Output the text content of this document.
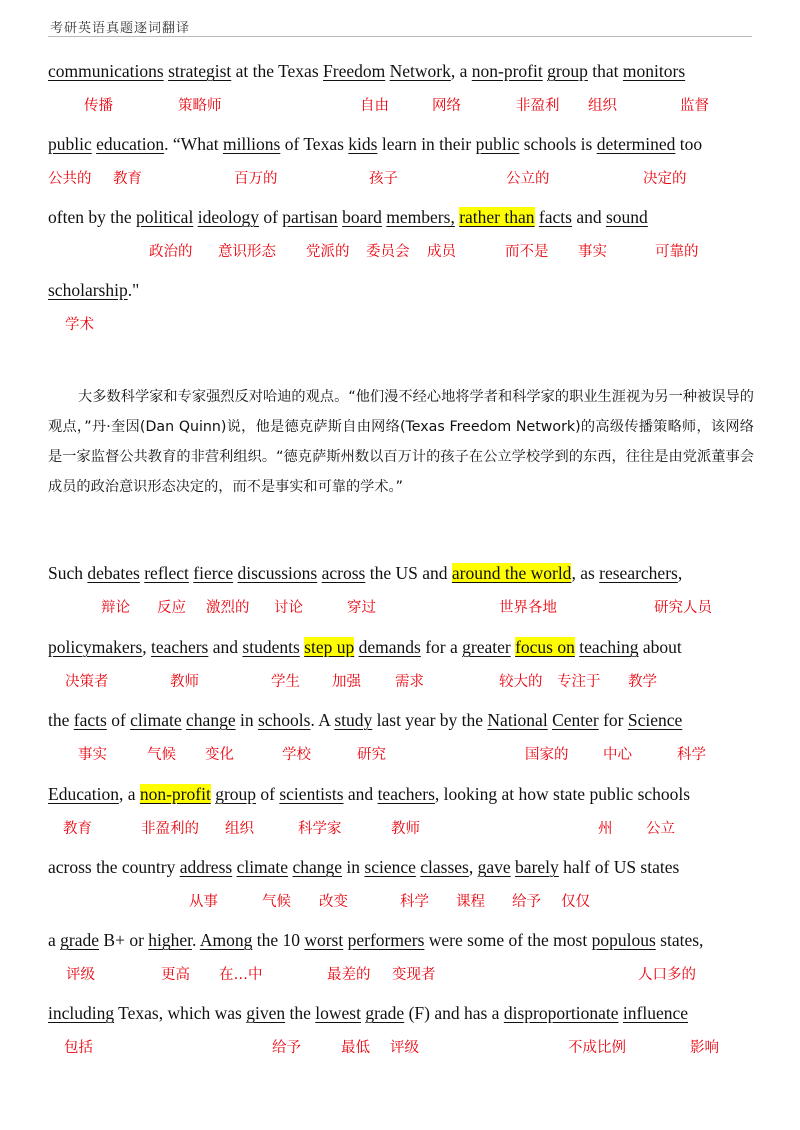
考研英语真题逐词翻译
communications strategist at the Texas Freedom Network, a non-profit group that monitors
传播	策略师	自由	网络	非盈利 组织	监督
public education. “What millions of Texas kids learn in their public schools is determined too
公共的 教育	百万的	孩子	公立的	决定的
often by the political ideology of partisan board members, rather than facts and sound
政治的 意识形态 党派的 委员会 成员	而不是 事实	可靠的
scholarship."
学术
大多数科学家和专家强烈反对哈迪的观点。“他们漫不经心地将学者和科学家的职业生涯视为另一种被误导的观点，”丹·奎因(Dan Quinn)说，他是德克萨斯自由网络(Texas Freedom Network)的高级传播策略师，该网络是一家监督公共教育的非营利组织。“德克萨斯州数以百万计的孩子在公立学校学到的东西，往往是由党派董事会成员的政治意识形态决定的，而不是事实和可靠的学术。”
Such debates reflect fierce discussions across the US and around the world, as researchers,
辩论 反应 激烈的 讨论	穿过	世界各地	研究人员
policymakers, teachers and students step up demands for a greater focus on teaching about
决策者	教师	学生 加强 需求	较大的 专注于 教学
the facts of climate change in schools. A study last year by the National Center for Science
事实	气候 变化	学校	研究	国家的 中心	科学
Education, a non-profit group of scientists and teachers, looking at how state public schools
教育	非盈利的 组织	科学家	教师	州 公立
across the country address climate change in science classes, gave barely half of US states
从事	气候 改变	科学 课程 给予 仅仅
a grade B+ or higher. Among the 10 worst performers were some of the most populous states,
评级	更高 在…中	最差的 变现者	人口多的
including Texas, which was given the lowest grade (F) and has a disproportionate influence
包括	给予	最低 评级	不成比例	影响
